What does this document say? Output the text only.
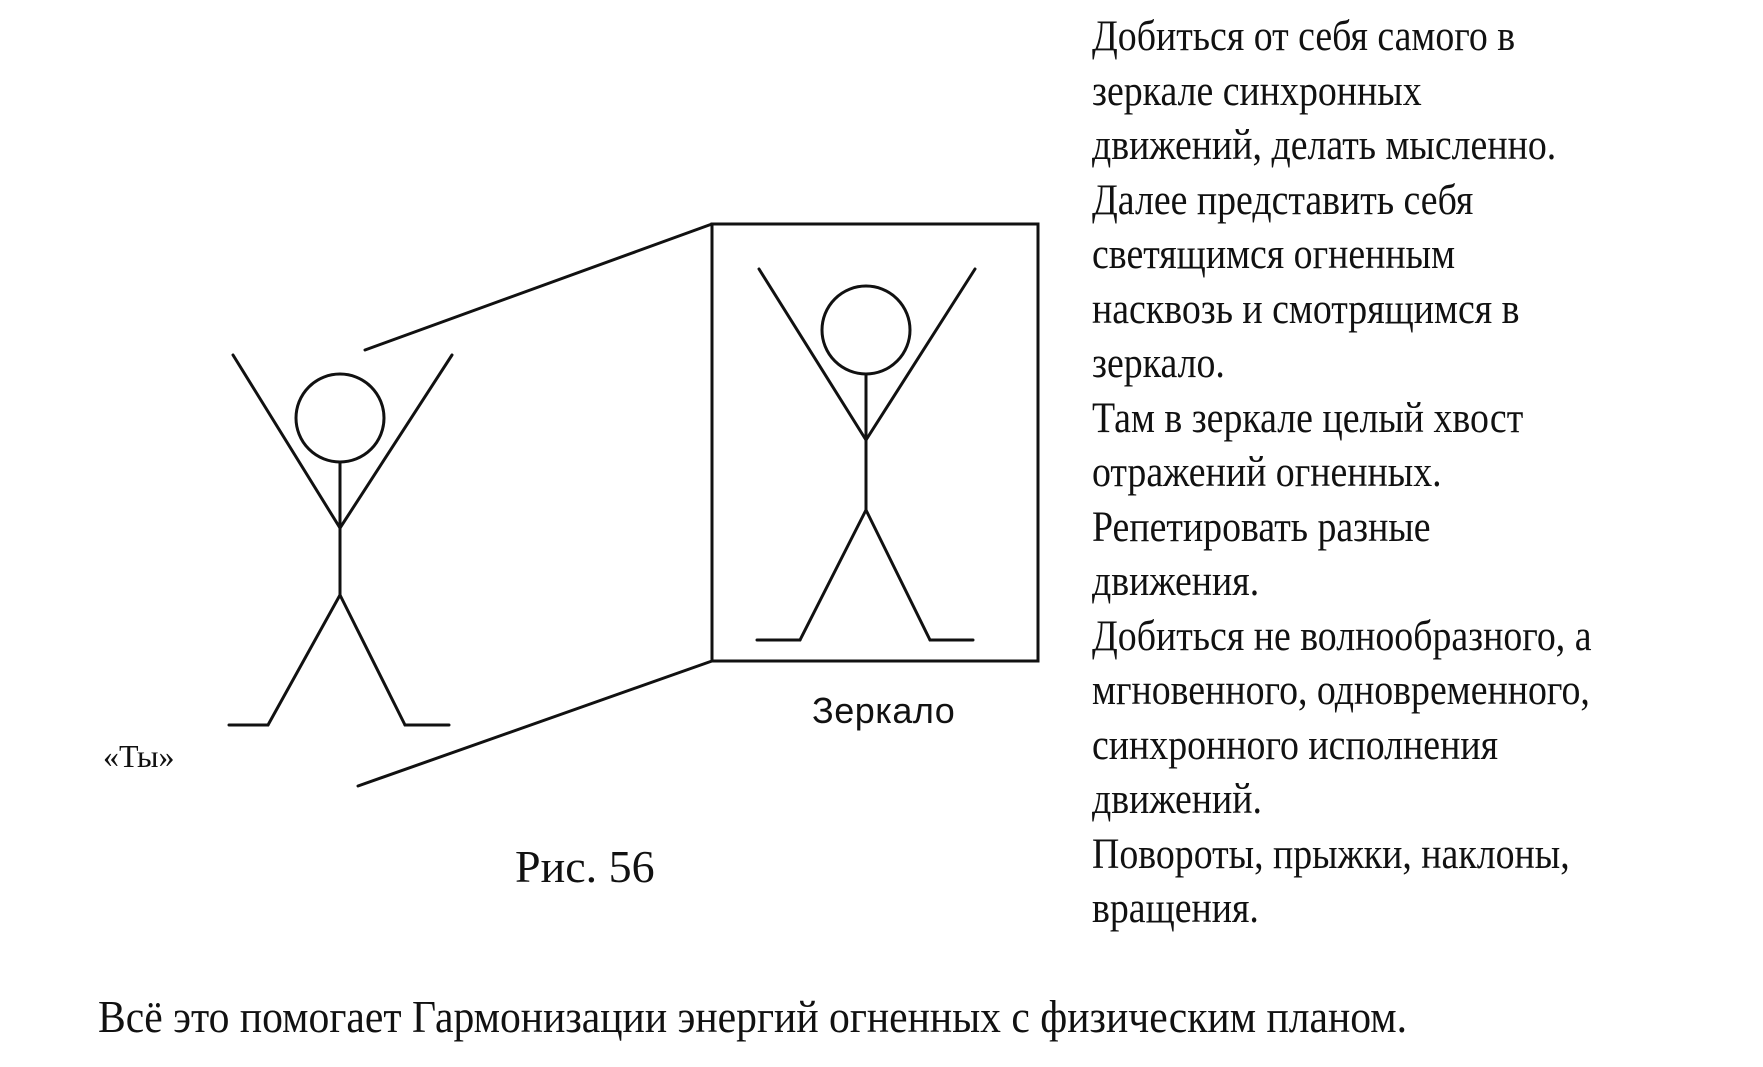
«Ты»
Зеркало
Рис. 56
Добиться от себя самого в
зеркале синхронных
движений, делать мысленно.
Далее представить себя
светящимся огненным
насквозь и смотрящимся в
зеркало.
Там в зеркале целый хвост
отражений огненных.
Репетировать разные
движения.
Добиться не волнообразного, а
мгновенного, одновременного,
синхронного исполнения
движений.
Повороты, прыжки, наклоны,
вращения.
Всё это помогает Гармонизации энергий огненных с физическим планом.
